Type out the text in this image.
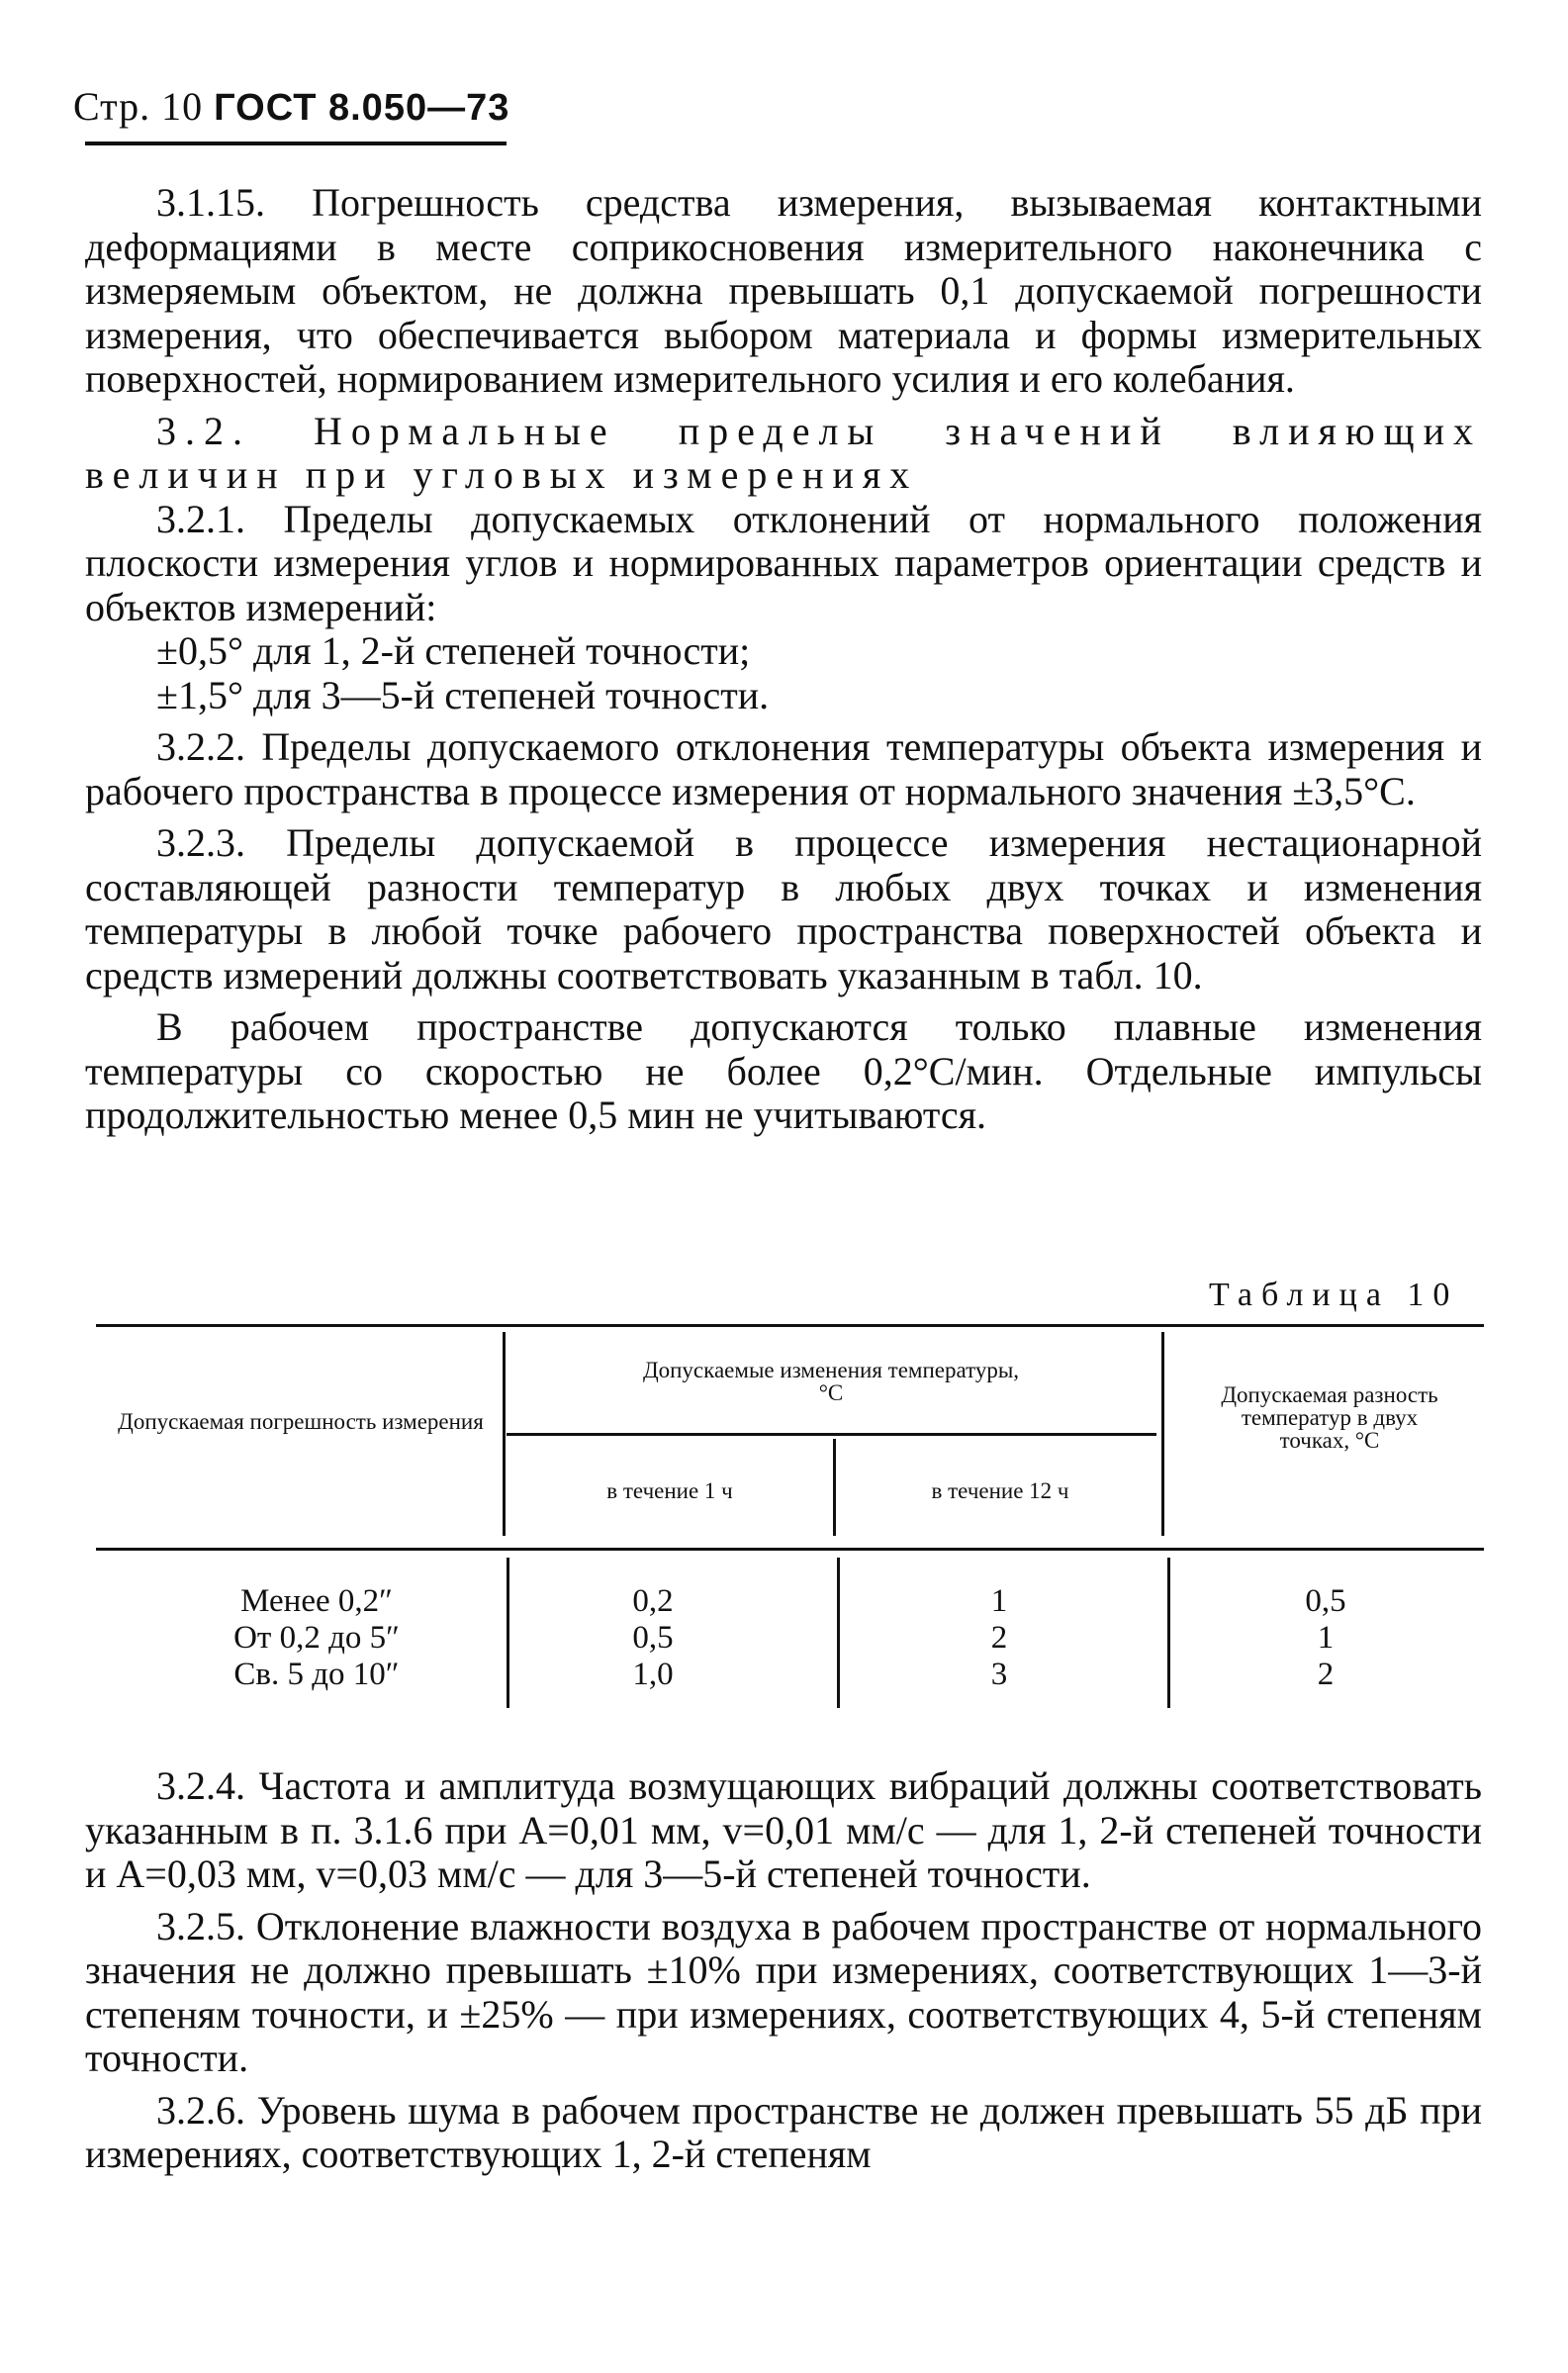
Стр. 10 ГОСТ 8.050—73

3.1.15. Погрешность средства измерения, вызываемая контактными деформациями в месте соприкосновения измерительного наконечника с измеряемым объектом, не должна превышать 0,1 допускаемой погрешности измерения, что обеспечивается выбором материала и формы измерительных поверхностей, нормированием измерительного усилия и его колебания.

3.2. Нормальные пределы значений влияющих величин при угловых измерениях

3.2.1. Пределы допускаемых отклонений от нормального положения плоскости измерения углов и нормированных параметров ориентации средств и объектов измерений:

±0,5° для 1, 2-й степеней точности;

±1,5° для 3—5-й степеней точности.

3.2.2. Пределы допускаемого отклонения температуры объекта измерения и рабочего пространства в процессе измерения от нормального значения ±3,5°С.

3.2.3. Пределы допускаемой в процессе измерения нестационарной составляющей разности температур в любых двух точках и изменения температуры в любой точке рабочего пространства поверхностей объекта и средств измерений должны соответствовать указанным в табл. 10.

В рабочем пространстве допускаются только плавные изменения температуры со скоростью не более 0,2°С/мин. Отдельные импульсы продолжительностью менее 0,5 мин не учитываются.

Таблица 10
Допускаемая погрешность измерения
Допускаемые изменения температуры, °С
в течение 1 ч	в течение 12 ч
Допускаемая разность температур в двух точках, °С
Менее 0,2″
От 0,2 до 5″
Св. 5 до 10″
0,2
0,5
1,0
1
2
3
0,5
1
2

3.2.4. Частота и амплитуда возмущающих вибраций должны соответствовать указанным в п. 3.1.6 при A=0,01 мм, v=0,01 мм/с — для 1, 2-й степеней точности и A=0,03 мм, v=0,03 мм/с — для 3—5-й степеней точности.

3.2.5. Отклонение влажности воздуха в рабочем пространстве от нормального значения не должно превышать ±10% при измерениях, соответствующих 1—3-й степеням точности, и ±25% — при измерениях, соответствующих 4, 5-й степеням точности.

3.2.6. Уровень шума в рабочем пространстве не должен превышать 55 дБ при измерениях, соответствующих 1, 2-й степеням
